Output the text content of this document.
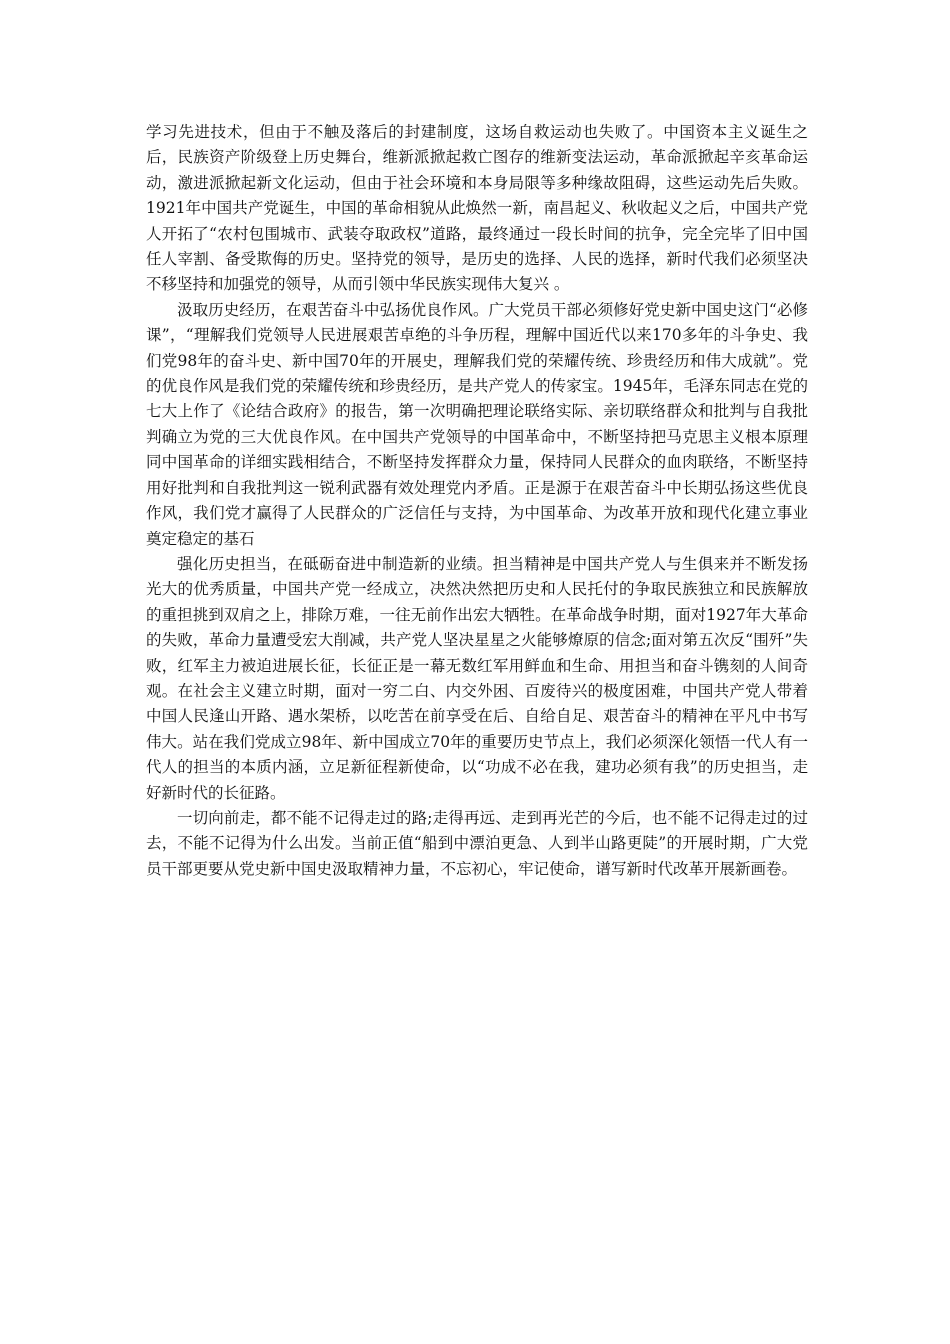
学习先进技术，但由于不触及落后的封建制度，这场自救运动也失败了。中国资本主义诞生之后，民族资产阶级登上历史舞台，维新派掀起救亡图存的维新变法运动，革命派掀起辛亥革命运动，激进派掀起新文化运动，但由于社会环境和本身局限等多种缘故阻碍，这些运动先后失败。1921年中国共产党诞生，中国的革命相貌从此焕然一新，南昌起义、秋收起义之后，中国共产党人开拓了“农村包围城市、武装夺取政权”道路，最终通过一段长时间的抗争，完全完毕了旧中国任人宰割、备受欺侮的历史。坚持党的领导，是历史的选择、人民的选择，新时代我们必须坚决不移坚持和加强党的领导，从而引领中华民族实现伟大复兴 。

汲取历史经历，在艰苦奋斗中弘扬优良作风。广大党员干部必须修好党史新中国史这门“必修课”，“理解我们党领导人民进展艰苦卓绝的斗争历程，理解中国近代以来170多年的斗争史、我们党98年的奋斗史、新中国70年的开展史，理解我们党的荣耀传统、珍贵经历和伟大成就”。党的优良作风是我们党的荣耀传统和珍贵经历，是共产党人的传家宝。1945年，毛泽东同志在党的七大上作了《论结合政府》的报告，第一次明确把理论联络实际、亲切联络群众和批判与自我批判确立为党的三大优良作风。在中国共产党领导的中国革命中，不断坚持把马克思主义根本原理同中国革命的详细实践相结合，不断坚持发挥群众力量，保持同人民群众的血肉联络，不断坚持用好批判和自我批判这一锐利武器有效处理党内矛盾。正是源于在艰苦奋斗中长期弘扬这些优良作风，我们党才赢得了人民群众的广泛信任与支持，为中国革命、为改革开放和现代化建立事业奠定稳定的基石

强化历史担当，在砥砺奋进中制造新的业绩。担当精神是中国共产党人与生俱来并不断发扬光大的优秀质量，中国共产党一经成立，决然决然把历史和人民托付的争取民族独立和民族解放的重担挑到双肩之上，排除万难，一往无前作出宏大牺牲。在革命战争时期，面对1927年大革命的失败，革命力量遭受宏大削减，共产党人坚决星星之火能够燎原的信念;面对第五次反“围歼”失败，红军主力被迫进展长征，长征正是一幕无数红军用鲜血和生命、用担当和奋斗镌刻的人间奇观。在社会主义建立时期，面对一穷二白、内交外困、百废待兴的极度困难，中国共产党人带着中国人民逢山开路、遇水架桥，以吃苦在前享受在后、自给自足、艰苦奋斗的精神在平凡中书写伟大。站在我们党成立98年、新中国成立70年的重要历史节点上，我们必须深化领悟一代人有一代人的担当的本质内涵，立足新征程新使命，以“功成不必在我，建功必须有我”的历史担当，走好新时代的长征路。

一切向前走，都不能不记得走过的路;走得再远、走到再光芒的今后，也不能不记得走过的过去，不能不记得为什么出发。当前正值“船到中漂泊更急、人到半山路更陡”的开展时期，广大党员干部更要从党史新中国史汲取精神力量，不忘初心，牢记使命，谱写新时代改革开展新画卷。
